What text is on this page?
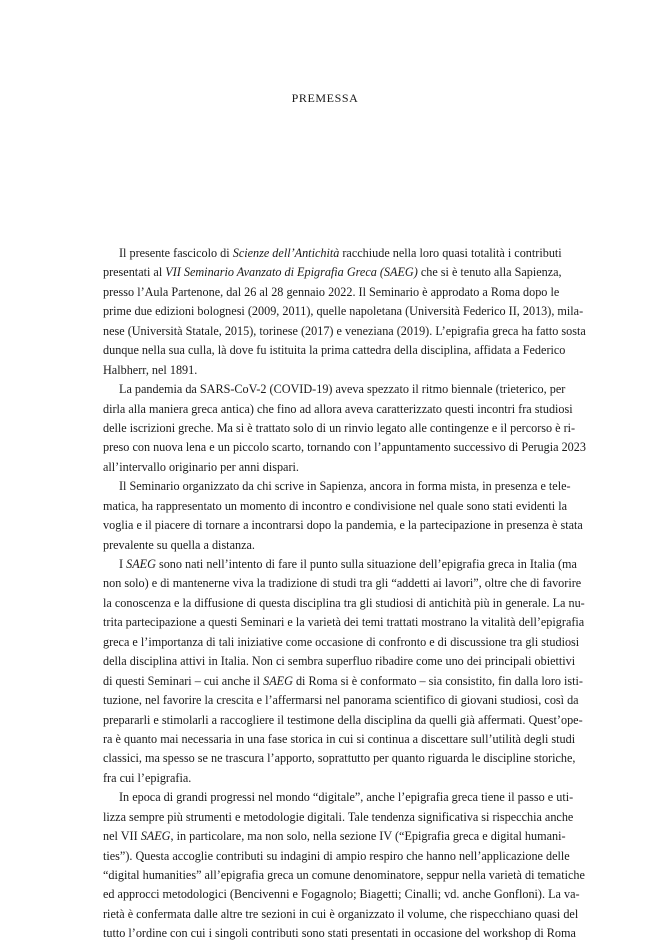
PREMESSA
Il presente fascicolo di Scienze dell’Antichità racchiude nella loro quasi totalità i contributi
presentati al VII Seminario Avanzato di Epigrafia Greca (SAEG) che si è tenuto alla Sapienza,
presso l’Aula Partenone, dal 26 al 28 gennaio 2022. Il Seminario è approdato a Roma dopo le
prime due edizioni bolognesi (2009, 2011), quelle napoletana (Università Federico II, 2013), mila-
nese (Università Statale, 2015), torinese (2017) e veneziana (2019). L’epigrafia greca ha fatto sosta
dunque nella sua culla, là dove fu istituita la prima cattedra della disciplina, affidata a Federico
Halbherr, nel 1891.
La pandemia da SARS-CoV-2 (COVID-19) aveva spezzato il ritmo biennale (trieterico, per
dirla alla maniera greca antica) che fino ad allora aveva caratterizzato questi incontri fra studiosi
delle iscrizioni greche. Ma si è trattato solo di un rinvio legato alle contingenze e il percorso è ri-
preso con nuova lena e un piccolo scarto, tornando con l’appuntamento successivo di Perugia 2023
all’intervallo originario per anni dispari.
Il Seminario organizzato da chi scrive in Sapienza, ancora in forma mista, in presenza e tele-
matica, ha rappresentato un momento di incontro e condivisione nel quale sono stati evidenti la
voglia e il piacere di tornare a incontrarsi dopo la pandemia, e la partecipazione in presenza è stata
prevalente su quella a distanza.
I SAEG sono nati nell’intento di fare il punto sulla situazione dell’epigrafia greca in Italia (ma
non solo) e di mantenerne viva la tradizione di studi tra gli “addetti ai lavori”, oltre che di favorire
la conoscenza e la diffusione di questa disciplina tra gli studiosi di antichità più in generale. La nu-
trita partecipazione a questi Seminari e la varietà dei temi trattati mostrano la vitalità dell’epigrafia
greca e l’importanza di tali iniziative come occasione di confronto e di discussione tra gli studiosi
della disciplina attivi in Italia. Non ci sembra superfluo ribadire come uno dei principali obiettivi
di questi Seminari – cui anche il SAEG di Roma si è conformato – sia consistito, fin dalla loro isti-
tuzione, nel favorire la crescita e l’affermarsi nel panorama scientifico di giovani studiosi, così da
prepararli e stimolarli a raccogliere il testimone della disciplina da quelli già affermati. Quest’ope-
ra è quanto mai necessaria in una fase storica in cui si continua a discettare sull’utilità degli studi
classici, ma spesso se ne trascura l’apporto, soprattutto per quanto riguarda le discipline storiche,
fra cui l’epigrafia.
In epoca di grandi progressi nel mondo “digitale”, anche l’epigrafia greca tiene il passo e uti-
lizza sempre più strumenti e metodologie digitali. Tale tendenza significativa si rispecchia anche
nel VII SAEG, in particolare, ma non solo, nella sezione IV (“Epigrafia greca e digital humani-
ties”). Questa accoglie contributi su indagini di ampio respiro che hanno nell’applicazione delle
“digital humanities” all’epigrafia greca un comune denominatore, seppur nella varietà di tematiche
ed approcci metodologici (Bencivenni e Fogagnolo; Biagetti; Cinalli; vd. anche Gonfloni). La va-
rietà è confermata dalle altre tre sezioni in cui è organizzato il volume, che rispecchiano quasi del
tutto l’ordine con cui i singoli contributi sono stati presentati in occasione del workshop di Roma
